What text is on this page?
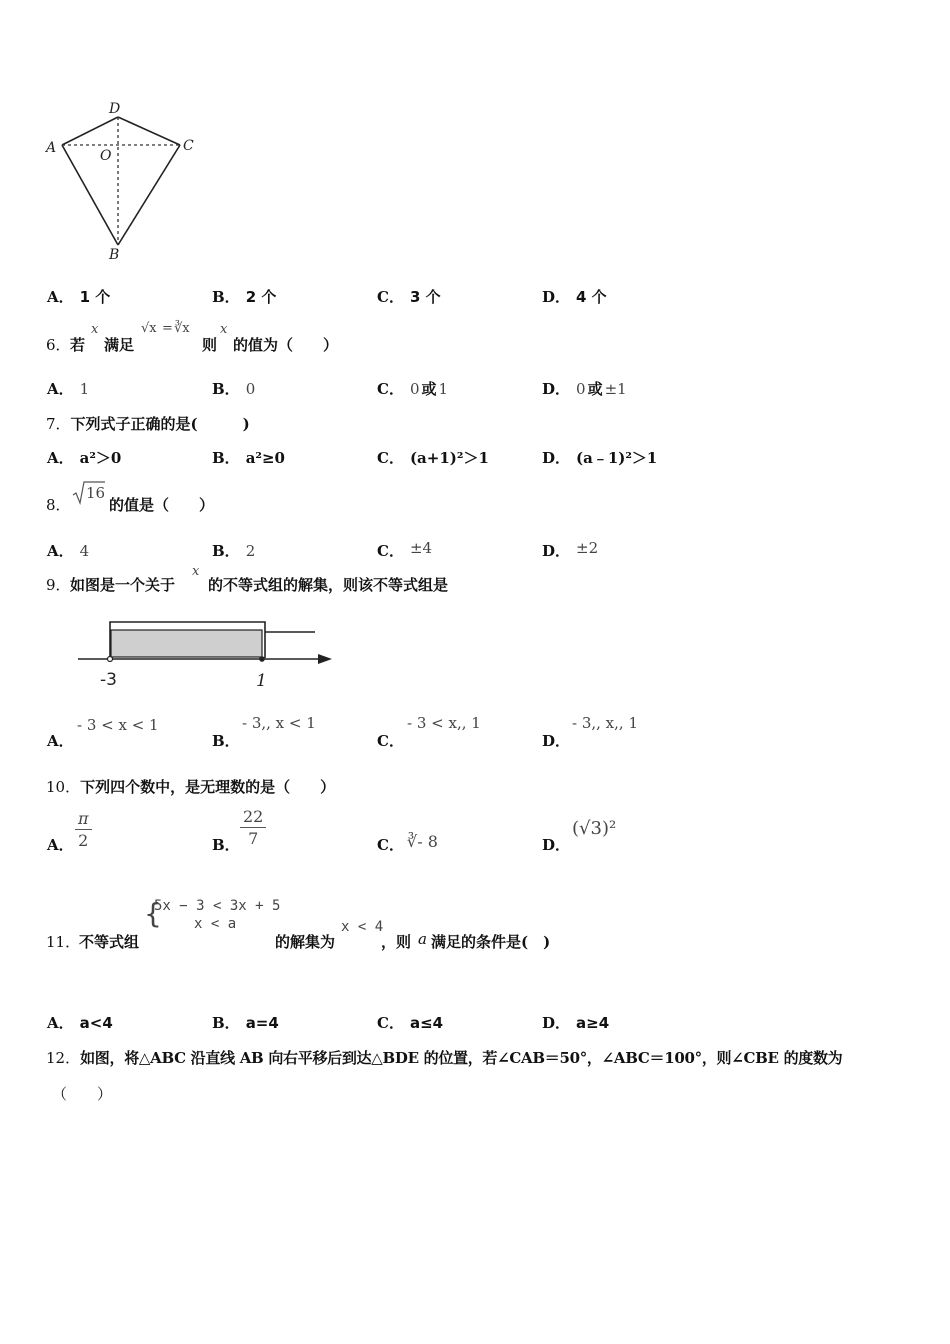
D
A	O
C
B
A． 1 个	B． 2 个	C． 3 个	D． 4 个
6． 若
x
满足
√x = ∛x
则
x
的值为（　　）
A． 1	B． 0	C． 0 或 1	D． 0 或 ±1
7．下列式子正确的是(　　　)
A． a²＞0	B． a²≥0	C． (a+1)²＞1	D． (a﹣1)²＞1
8．
16
的值是（　　）
A． 4	B． 2	C． ±4	D． ±2
9． 如图是一个关于
x
的不等式组的解集，则该不等式组是
-3	1
A．
- 3 < x < 1
B．
- 3,, x < 1
C．
- 3 < x,, 1
D．
- 3,, x,, 1
10．下列四个数中，是无理数的是（　　）
A． $\frac{\pi}{2}$	B． $\frac{22}{7}$	C． ∛- 8	D．
(√3)²
11．
不等式组
{
5x − 3 < 3x + 5
x < a
的解集为
x < 4
，则 a 满足的条件是(　)
A． a<4	B． a=4	C． a≤4	D． a≥4
12．如图，将△ABC 沿直线 AB 向右平移后到达△BDE 的位置，若∠CAB＝50°，∠ABC＝100°，则∠CBE 的度数为
（　　）
